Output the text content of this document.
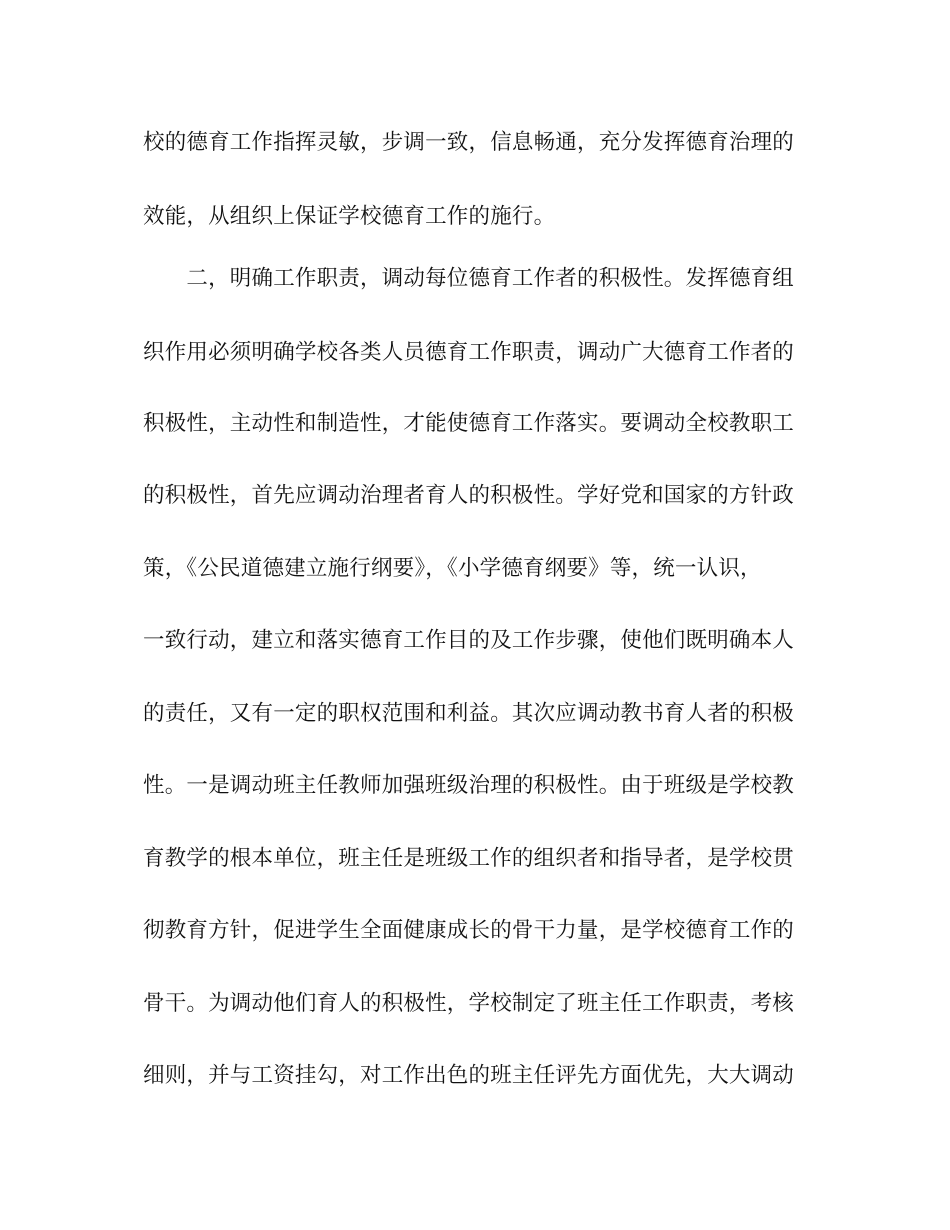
校的德育工作指挥灵敏，步调一致，信息畅通，充分发挥德育治理的
效能，从组织上保证学校德育工作的施行。
　　二，明确工作职责，调动每位德育工作者的积极性。发挥德育组
织作用必须明确学校各类人员德育工作职责，调动广大德育工作者的
积极性，主动性和制造性，才能使德育工作落实。要调动全校教职工
的积极性，首先应调动治理者育人的积极性。学好党和国家的方针政
策，《公民道德建立施行纲要》，《小学德育纲要》等，统一认识，
一致行动，建立和落实德育工作目的及工作步骤，使他们既明确本人
的责任，又有一定的职权范围和利益。其次应调动教书育人者的积极
性。一是调动班主任教师加强班级治理的积极性。由于班级是学校教
育教学的根本单位，班主任是班级工作的组织者和指导者，是学校贯
彻教育方针，促进学生全面健康成长的骨干力量，是学校德育工作的
骨干。为调动他们育人的积极性，学校制定了班主任工作职责，考核
细则，并与工资挂勾，对工作出色的班主任评先方面优先，大大调动
